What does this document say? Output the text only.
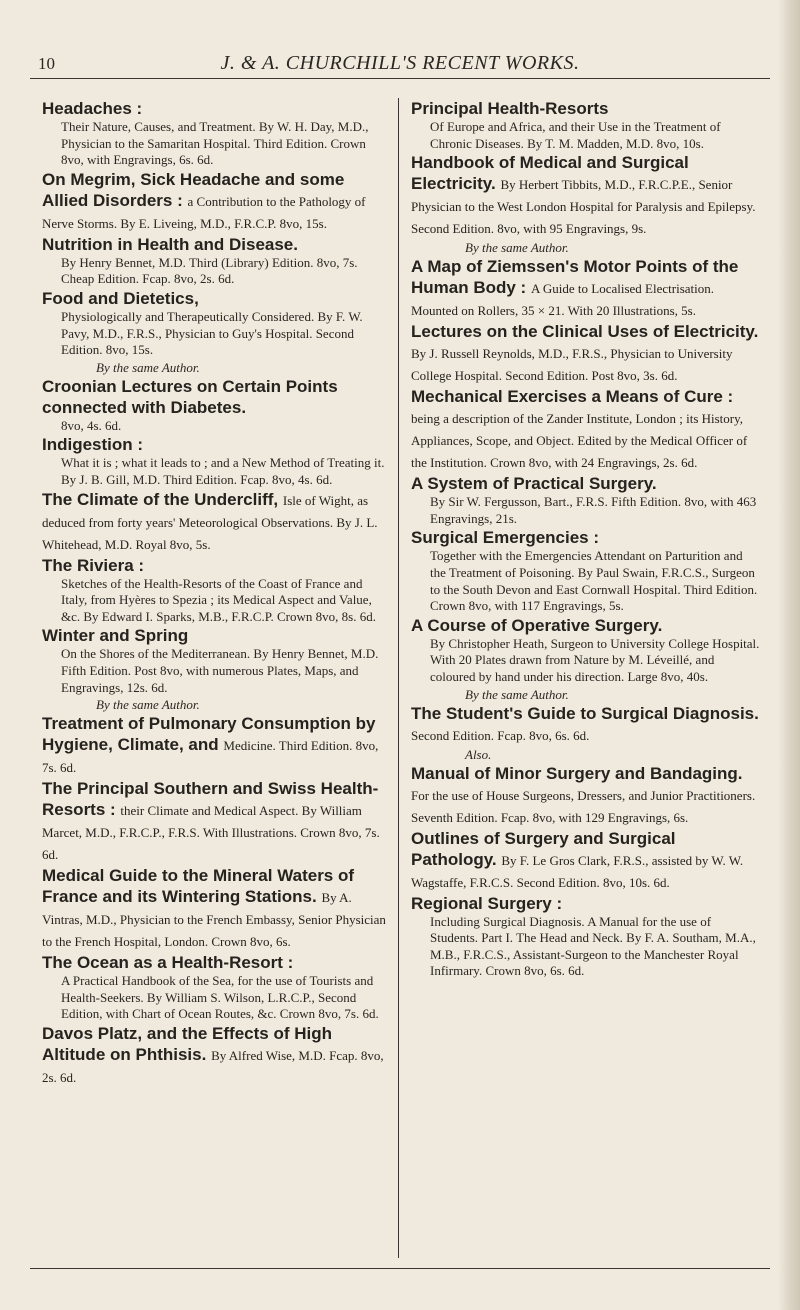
10	J. & A. CHURCHILL'S RECENT WORKS.
Headaches :
Their Nature, Causes, and Treatment. By W. H. Day, M.D., Physician to the Samaritan Hospital. Third Edition. Crown 8vo, with Engravings, 6s. 6d.
On Megrim, Sick Headache and some Allied Disorders : a Contribution to the Pathology of Nerve Storms. By E. Liveing, M.D., F.R.C.P. 8vo, 15s.
Nutrition in Health and Disease.
By Henry Bennet, M.D. Third (Library) Edition. 8vo, 7s. Cheap Edition. Fcap. 8vo, 2s. 6d.
Food and Dietetics,
Physiologically and Therapeutically Considered. By F. W. Pavy, M.D., F.R.S., Physician to Guy's Hospital. Second Edition. 8vo, 15s.
By the same Author.
Croonian Lectures on Certain Points connected with Diabetes.
8vo, 4s. 6d.
Indigestion :
What it is ; what it leads to ; and a New Method of Treating it. By J. B. Gill, M.D. Third Edition. Fcap. 8vo, 4s. 6d.
The Climate of the Undercliff, Isle of Wight, as deduced from forty years' Meteorological Observations. By J. L. Whitehead, M.D. Royal 8vo, 5s.
The Riviera :
Sketches of the Health-Resorts of the Coast of France and Italy, from Hyères to Spezia ; its Medical Aspect and Value, &c. By Edward I. Sparks, M.B., F.R.C.P. Crown 8vo, 8s. 6d.
Winter and Spring
On the Shores of the Mediterranean. By Henry Bennet, M.D. Fifth Edition. Post 8vo, with numerous Plates, Maps, and Engravings, 12s. 6d.
By the same Author.
Treatment of Pulmonary Consumption by Hygiene, Climate, and Medicine. Third Edition. 8vo, 7s. 6d.
The Principal Southern and Swiss Health-Resorts : their Climate and Medical Aspect. By William Marcet, M.D., F.R.C.P., F.R.S. With Illustrations. Crown 8vo, 7s. 6d.
Medical Guide to the Mineral Waters of France and its Wintering Stations. By A. Vintras, M.D., Physician to the French Embassy, Senior Physician to the French Hospital, London. Crown 8vo, 6s.
The Ocean as a Health-Resort :
A Practical Handbook of the Sea, for the use of Tourists and Health-Seekers. By William S. Wilson, L.R.C.P., Second Edition, with Chart of Ocean Routes, &c. Crown 8vo, 7s. 6d.
Davos Platz, and the Effects of High Altitude on Phthisis. By Alfred Wise, M.D. Fcap. 8vo, 2s. 6d.
Principal Health-Resorts
Of Europe and Africa, and their Use in the Treatment of Chronic Diseases. By T. M. Madden, M.D. 8vo, 10s.
Handbook of Medical and Surgical Electricity. By Herbert Tibbits, M.D., F.R.C.P.E., Senior Physician to the West London Hospital for Paralysis and Epilepsy. Second Edition. 8vo, with 95 Engravings, 9s.
By the same Author.
A Map of Ziemssen's Motor Points of the Human Body : A Guide to Localised Electrisation. Mounted on Rollers, 35 × 21. With 20 Illustrations, 5s.
Lectures on the Clinical Uses of Electricity. By J. Russell Reynolds, M.D., F.R.S., Physician to University College Hospital. Second Edition. Post 8vo, 3s. 6d.
Mechanical Exercises a Means of Cure : being a description of the Zander Institute, London ; its History, Appliances, Scope, and Object. Edited by the Medical Officer of the Institution. Crown 8vo, with 24 Engravings, 2s. 6d.
A System of Practical Surgery.
By Sir W. Fergusson, Bart., F.R.S. Fifth Edition. 8vo, with 463 Engravings, 21s.
Surgical Emergencies :
Together with the Emergencies Attendant on Parturition and the Treatment of Poisoning. By Paul Swain, F.R.C.S., Surgeon to the South Devon and East Cornwall Hospital. Third Edition. Crown 8vo, with 117 Engravings, 5s.
A Course of Operative Surgery.
By Christopher Heath, Surgeon to University College Hospital. With 20 Plates drawn from Nature by M. Léveillé, and coloured by hand under his direction. Large 8vo, 40s.
By the same Author.
The Student's Guide to Surgical Diagnosis. Second Edition. Fcap. 8vo, 6s. 6d.
Also.
Manual of Minor Surgery and Bandaging. For the use of House Surgeons, Dressers, and Junior Practitioners. Seventh Edition. Fcap. 8vo, with 129 Engravings, 6s.
Outlines of Surgery and Surgical Pathology. By F. Le Gros Clark, F.R.S., assisted by W. W. Wagstaffe, F.R.C.S. Second Edition. 8vo, 10s. 6d.
Regional Surgery :
Including Surgical Diagnosis. A Manual for the use of Students. Part I. The Head and Neck. By F. A. Southam, M.A., M.B., F.R.C.S., Assistant-Surgeon to the Manchester Royal Infirmary. Crown 8vo, 6s. 6d.
